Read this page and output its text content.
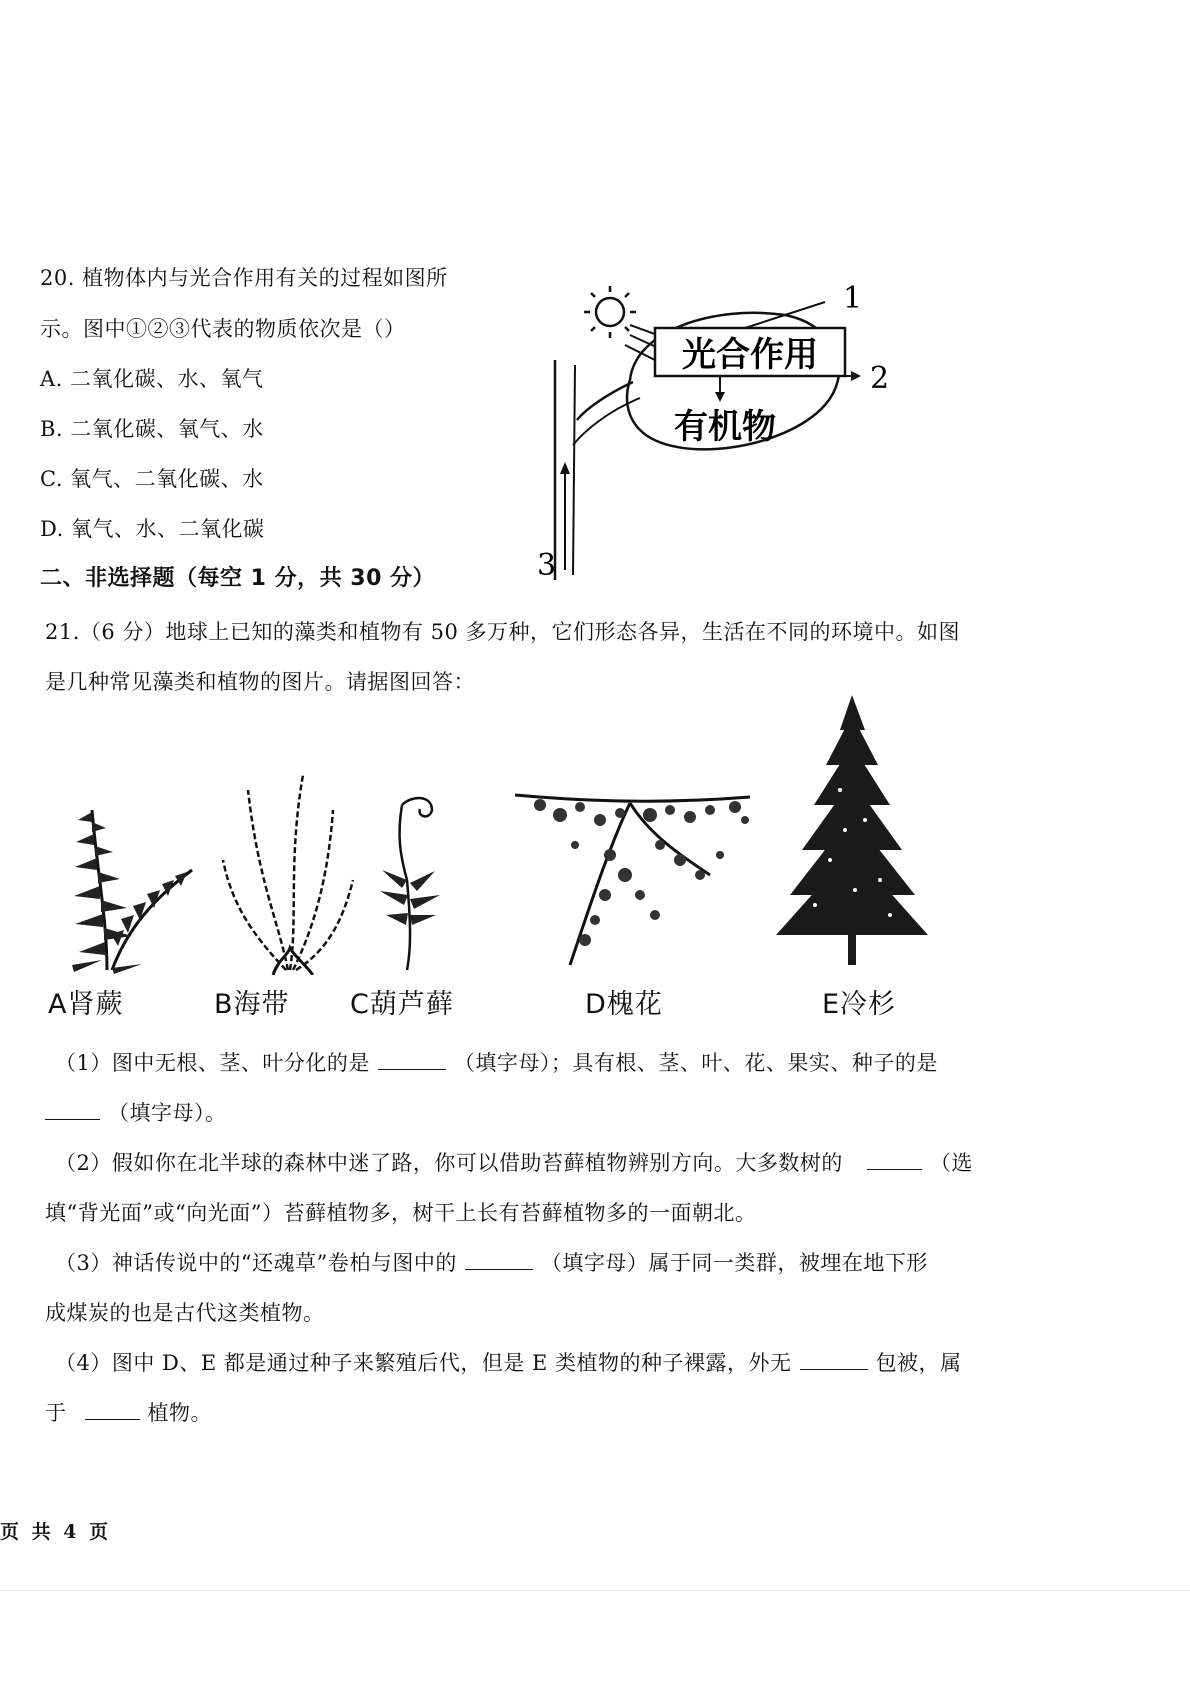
20. 植物体内与光合作用有关的过程如图所
示。图中①②③代表的物质依次是（）
A. 二氧化碳、水、氧气
B. 二氧化碳、氧气、水
C. 氧气、二氧化碳、水
D. 氧气、水、二氧化碳
光合作用
有机物
1
2
3
二、非选择题（每空 1 分，共 30 分）
21.（6 分）地球上已知的藻类和植物有 50 多万种，它们形态各异，生活在不同的环境中。如图
是几种常见藻类和植物的图片。请据图回答：
A肾蕨	B海带 C葫芦藓	D槐花	E冷杉
（1）图中无根、茎、叶分化的是	（填字母）；具有根、茎、叶、花、果实、种子的是
（填字母）。
（2）假如你在北半球的森林中迷了路，你可以借助苔藓植物辨别方向。大多数树的	（选
填“背光面”或“向光面”）苔藓植物多，树干上长有苔藓植物多的一面朝北。
（3）神话传说中的“还魂草”卷柏与图中的	（填字母）属于同一类群，被埋在地下形
成煤炭的也是古代这类植物。
（4）图中 D、E 都是通过种子来繁殖后代，但是 E 类植物的种子裸露，外无	包被，属
于	植物。
页 共 4 页
